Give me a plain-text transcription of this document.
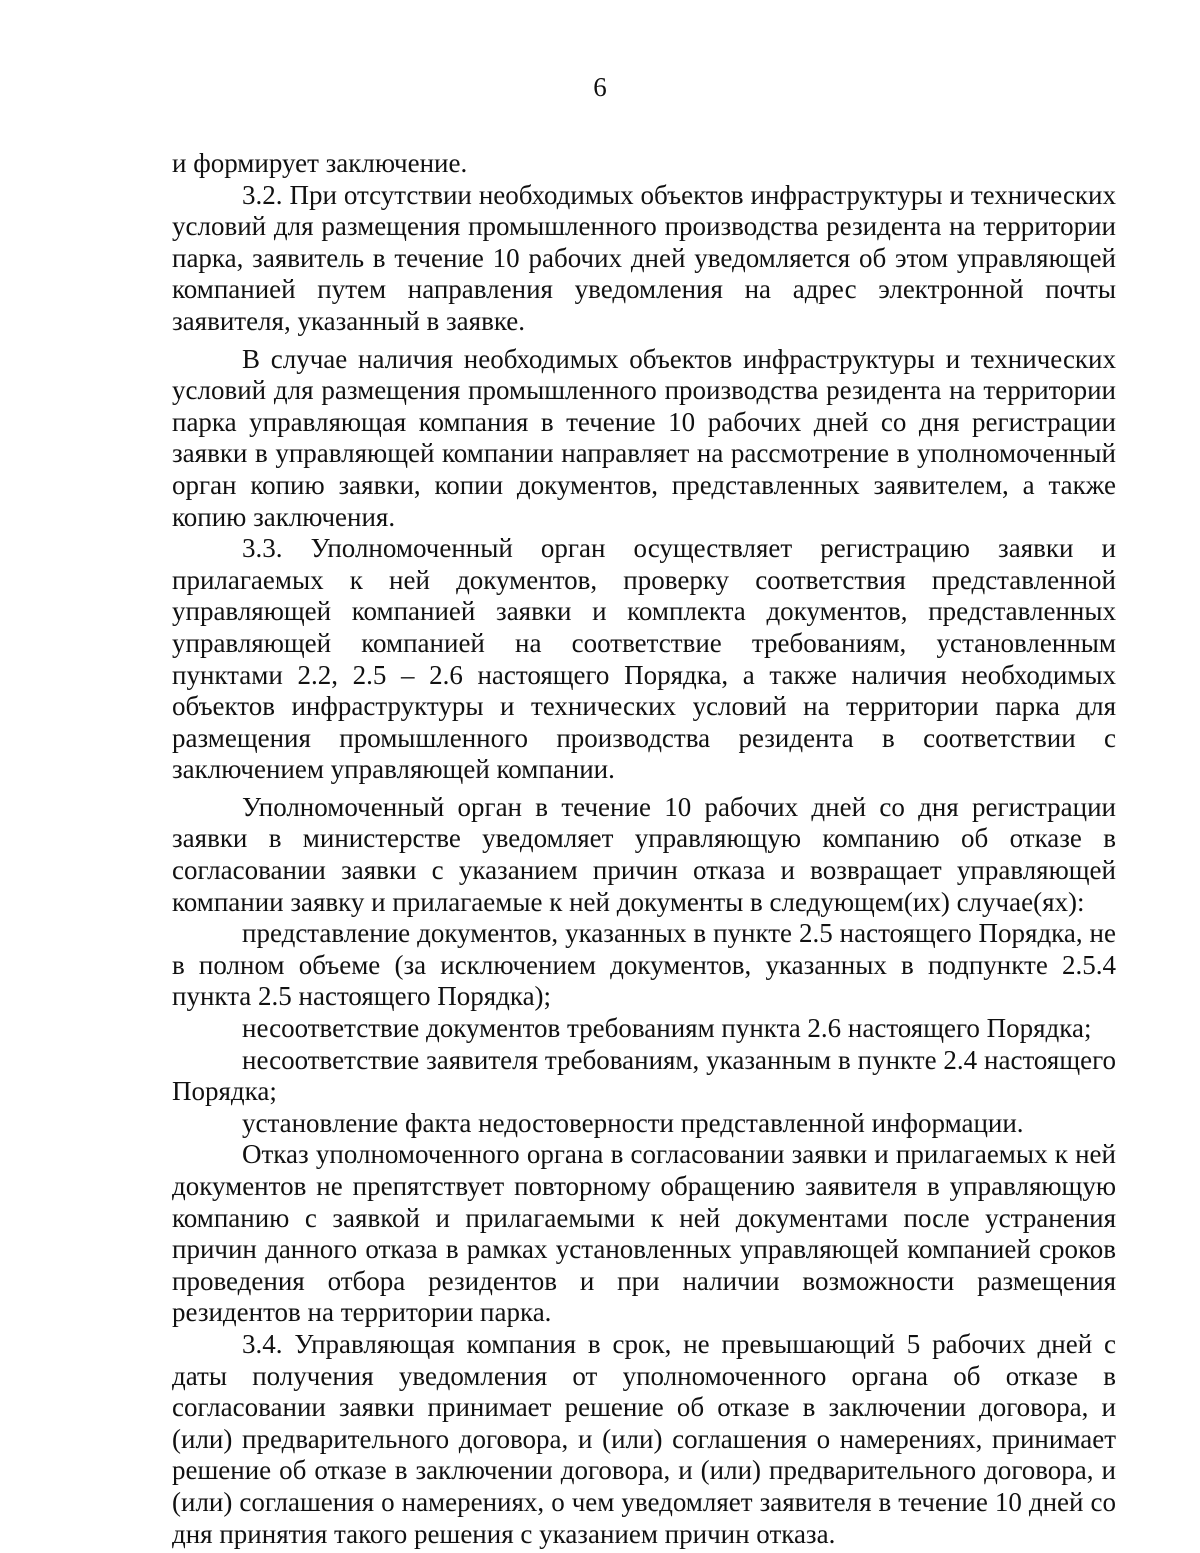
6

и формирует заключение.

3.2. При отсутствии необходимых объектов инфраструктуры и технических условий для размещения промышленного производства резидента на территории парка, заявитель в течение 10 рабочих дней уведомляется об этом управляющей компанией путем направления уведомления на адрес электронной почты заявителя, указанный в заявке.

В случае наличия необходимых объектов инфраструктуры и технических условий для размещения промышленного производства резидента на территории парка управляющая компания в течение 10 рабочих дней со дня регистрации заявки в управляющей компании направляет на рассмотрение в уполномоченный орган копию заявки, копии документов, представленных заявителем, а также копию заключения.

3.3. Уполномоченный орган осуществляет регистрацию заявки и прилагаемых к ней документов, проверку соответствия представленной управляющей компанией заявки и комплекта документов, представленных управляющей компанией на соответствие требованиям, установленным пунктами 2.2, 2.5 – 2.6 настоящего Порядка, а также наличия необходимых объектов инфраструктуры и технических условий на территории парка для размещения промышленного производства резидента в соответствии с заключением управляющей компании.

Уполномоченный орган в течение 10 рабочих дней со дня регистрации заявки в министерстве уведомляет управляющую компанию об отказе в согласовании заявки с указанием причин отказа и возвращает управляющей компании заявку и прилагаемые к ней документы в следующем(их) случае(ях):

представление документов, указанных в пункте 2.5 настоящего Порядка, не в полном объеме (за исключением документов, указанных в подпункте 2.5.4 пункта 2.5 настоящего Порядка);

несоответствие документов требованиям пункта 2.6 настоящего Порядка;

несоответствие заявителя требованиям, указанным в пункте 2.4 настоящего Порядка;

установление факта недостоверности представленной информации.

Отказ уполномоченного органа в согласовании заявки и прилагаемых к ней документов не препятствует повторному обращению заявителя в управляющую компанию с заявкой и прилагаемыми к ней документами после устранения причин данного отказа в рамках установленных управляющей компанией сроков проведения отбора резидентов и при наличии возможности размещения резидентов на территории парка.

3.4. Управляющая компания в срок, не превышающий 5 рабочих дней с даты получения уведомления от уполномоченного органа об отказе в согласовании заявки принимает решение об отказе в заключении договора, и (или) предварительного договора, и (или) соглашения о намерениях, принимает решение об отказе в заключении договора, и (или) предварительного договора, и (или) соглашения о намерениях, о чем уведомляет заявителя в течение 10 дней со дня принятия такого решения с указанием причин отказа.
